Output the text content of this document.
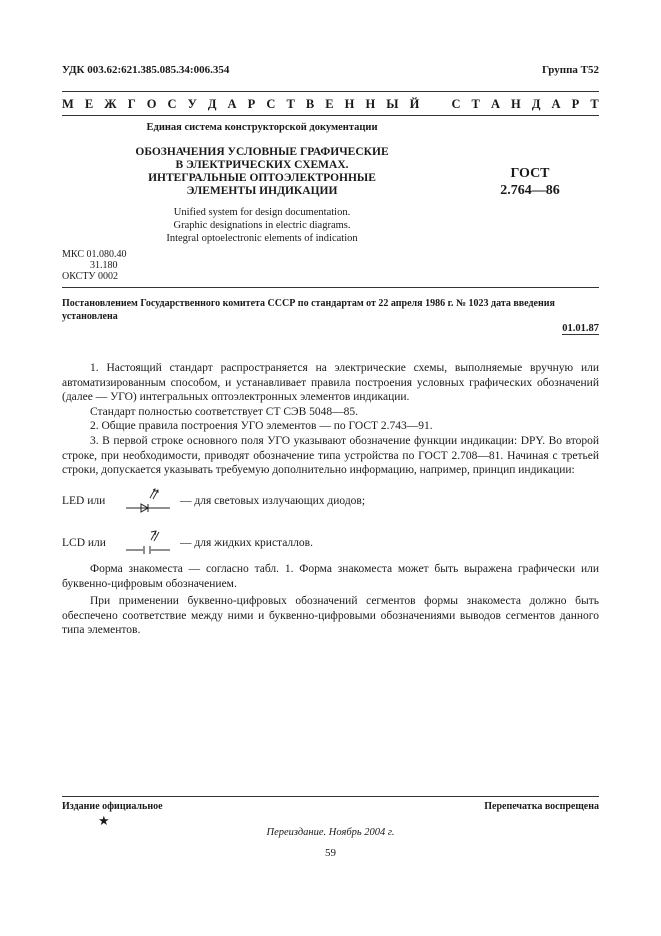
УДК 003.62:621.385.085.34:006.354	Группа Т52
М Е Ж Г О С У Д А Р С Т В Е Н Н Ы Й	С Т А Н Д А Р Т
Единая система конструкторской документации
ОБОЗНАЧЕНИЯ УСЛОВНЫЕ ГРАФИЧЕСКИЕ
В ЭЛЕКТРИЧЕСКИХ СХЕМАХ.
ИНТЕГРАЛЬНЫЕ ОПТОЭЛЕКТРОННЫЕ
ЭЛЕМЕНТЫ ИНДИКАЦИИ
ГОСТ
2.764—86
Unified system for design documentation.
Graphic designations in electric diagrams.
Integral optoelectronic elements of indication
МКС 01.080.40
31.180
ОКСТУ 0002
Постановлением Государственного комитета СССР по стандартам от 22 апреля 1986 г. № 1023 дата введения установлена
01.01.87

1. Настоящий стандарт распространяется на электрические схемы, выполняемые вручную или автоматизированным способом, и устанавливает правила построения условных графических обозначений (далее — УГО) интегральных оптоэлектронных элементов индикации.

Стандарт полностью соответствует СТ СЭВ 5048—85.

2. Общие правила построения УГО элементов — по ГОСТ 2.743—91.

3. В первой строке основного поля УГО указывают обозначение функции индикации: DPY. Во второй строке, при необходимости, приводят обозначение типа устройства по ГОСТ 2.708—81. Начиная с третьей строки, допускается указывать требуемую дополнительно информацию, например, принцип индикации:

LED или	— для световых излучающих диодов;
LCD или	— для жидких кристаллов.

Форма знакоместа — согласно табл. 1. Форма знакоместа может быть выражена графически или буквенно-цифровым обозначением.

При применении буквенно-цифровых обозначений сегментов формы знакоместа должно быть обеспечено соответствие между ними и буквенно-цифровыми обозначениями выводов сегментов данного типа элементов.

Издание официальное
★
Перепечатка воспрещена
Переиздание. Ноябрь 2004 г.
59
